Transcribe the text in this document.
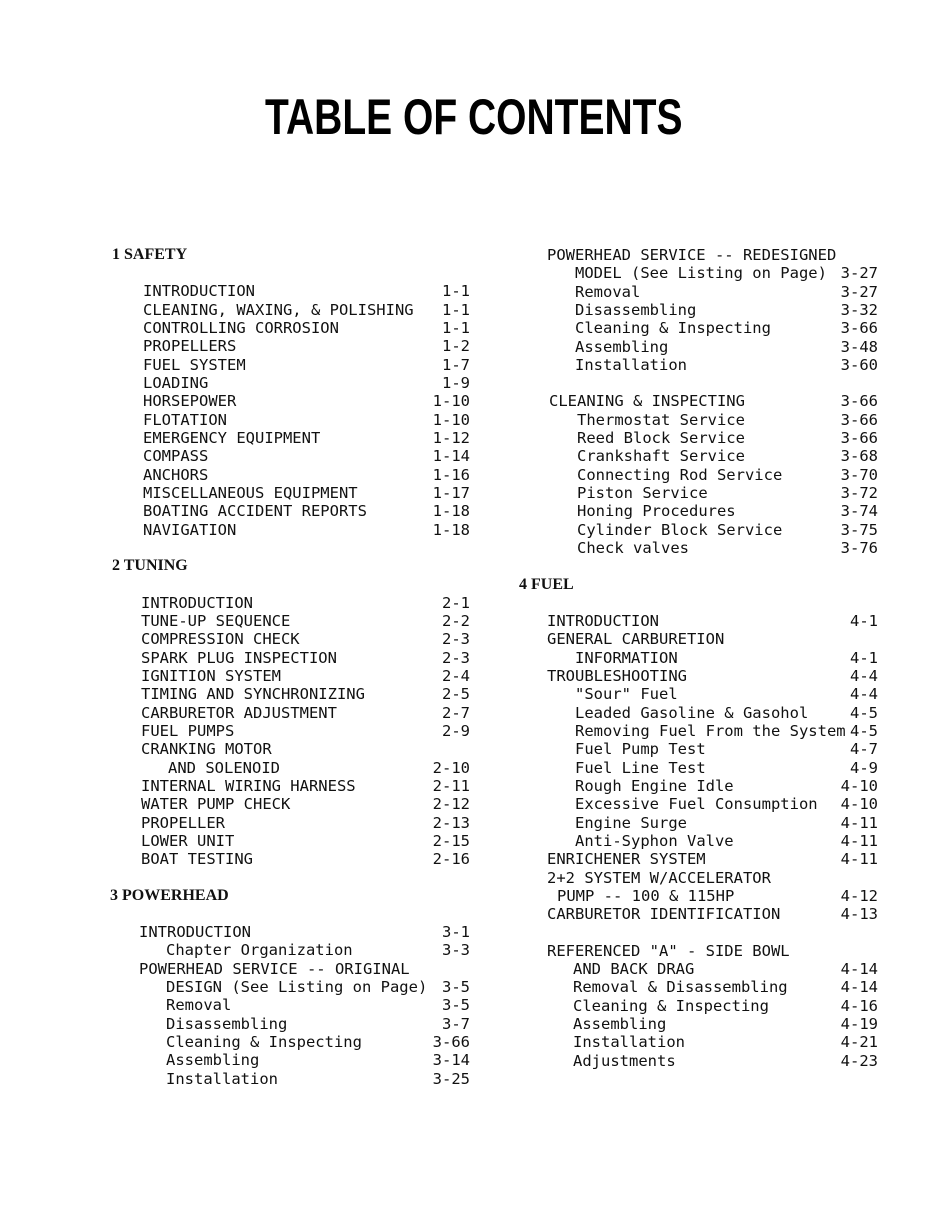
TABLE OF CONTENTS
1 SAFETY
INTRODUCTION	1-1
CLEANING, WAXING, & POLISHING 1-1
CONTROLLING CORROSION	1-1
PROPELLERS	1-2
FUEL SYSTEM	1-7
LOADING	1-9
HORSEPOWER	1-10
FLOTATION	1-10
EMERGENCY EQUIPMENT	1-12
COMPASS	1-14
ANCHORS	1-16
MISCELLANEOUS EQUIPMENT	1-17
BOATING ACCIDENT REPORTS	1-18
NAVIGATION	1-18
2 TUNING
INTRODUCTION	2-1
TUNE-UP SEQUENCE	2-2
COMPRESSION CHECK	2-3
SPARK PLUG INSPECTION	2-3
IGNITION SYSTEM	2-4
TIMING AND SYNCHRONIZING	2-5
CARBURETOR ADJUSTMENT	2-7
FUEL PUMPS	2-9
CRANKING MOTOR
AND SOLENOID	2-10
INTERNAL WIRING HARNESS	2-11
WATER PUMP CHECK	2-12
PROPELLER	2-13
LOWER UNIT	2-15
BOAT TESTING	2-16
3 POWERHEAD
INTRODUCTION	3-1
Chapter Organization	3-3
POWERHEAD SERVICE -- ORIGINAL
DESIGN (See Listing on Page) 3-5
Removal	3-5
Disassembling	3-7
Cleaning & Inspecting	3-66
Assembling	3-14
Installation	3-25
POWERHEAD SERVICE -- REDESIGNED
MODEL (See Listing on Page) 3-27
Removal	3-27
Disassembling	3-32
Cleaning & Inspecting	3-66
Assembling	3-48
Installation	3-60
CLEANING & INSPECTING	3-66
Thermostat Service	3-66
Reed Block Service	3-66
Crankshaft Service	3-68
Connecting Rod Service	3-70
Piston Service	3-72
Honing Procedures	3-74
Cylinder Block Service	3-75
Check valves	3-76
4 FUEL
INTRODUCTION	4-1
GENERAL CARBURETION
INFORMATION	4-1
TROUBLESHOOTING	4-4
"Sour" Fuel	4-4
Leaded Gasoline & Gasohol	4-5
Removing Fuel From the System 4-5
Fuel Pump Test	4-7
Fuel Line Test	4-9
Rough Engine Idle	4-10
Excessive Fuel Consumption 4-10
Engine Surge	4-11
Anti-Syphon Valve	4-11
ENRICHENER SYSTEM	4-11
2+2 SYSTEM W/ACCELERATOR
PUMP -- 100 & 115HP	4-12
CARBURETOR IDENTIFICATION	4-13
REFERENCED "A" - SIDE BOWL
AND BACK DRAG	4-14
Removal & Disassembling	4-14
Cleaning & Inspecting	4-16
Assembling	4-19
Installation	4-21
Adjustments	4-23
